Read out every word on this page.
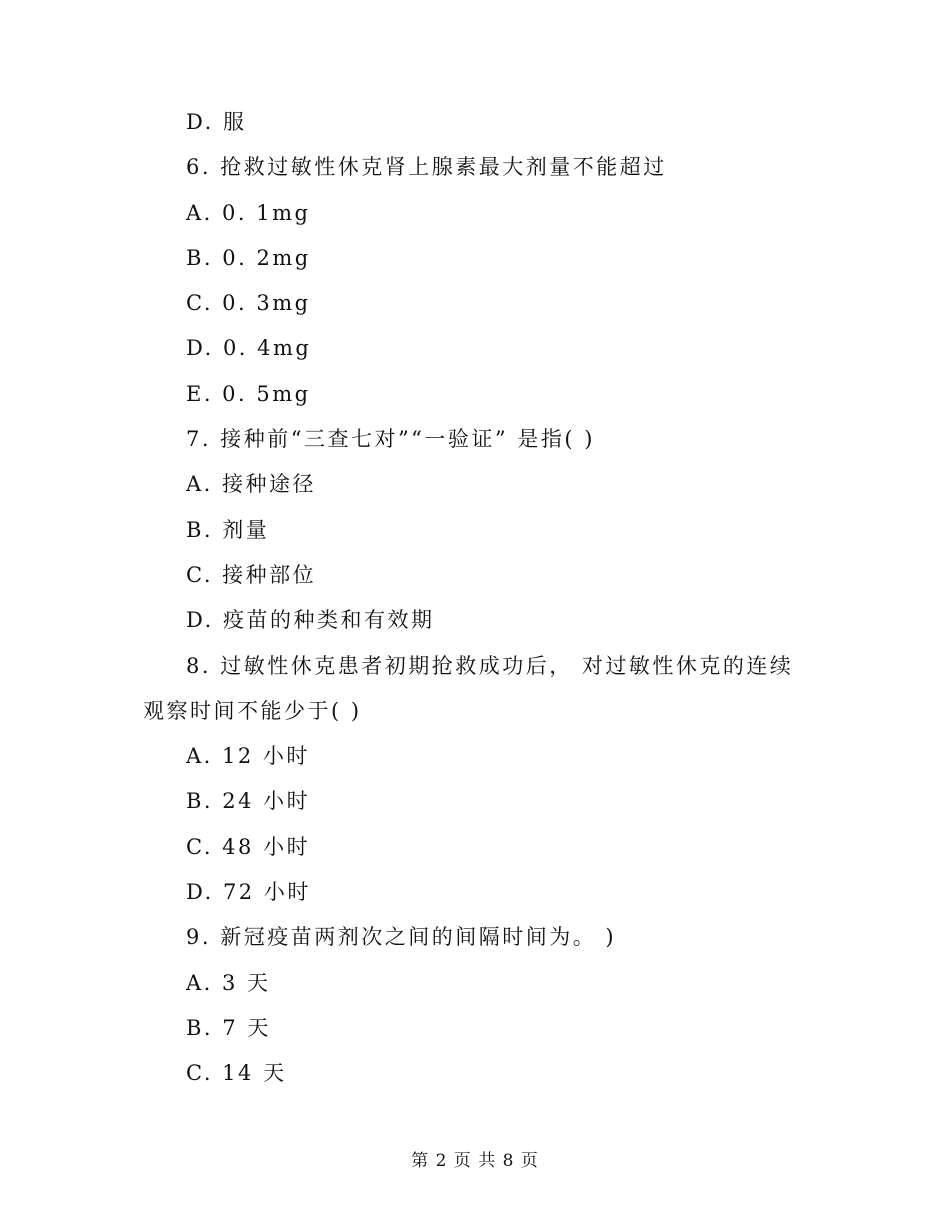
D. 服
6. 抢救过敏性休克肾上腺素最大剂量不能超过
A. 0. 1mg
B. 0. 2mg
C. 0. 3mg
D. 0. 4mg
E. 0. 5mg
7. 接种前“三查七对”“一验证” 是指( )
A. 接种途径
B. 剂量
C. 接种部位
D. 疫苗的种类和有效期
8. 过敏性休克患者初期抢救成功后， 对过敏性休克的连续
观察时间不能少于( )
A. 12 小时
B. 24 小时
C. 48 小时
D. 72 小时
9. 新冠疫苗两剂次之间的间隔时间为。 )
A. 3 天
B. 7 天
C. 14 天
第 2 页 共 8 页
